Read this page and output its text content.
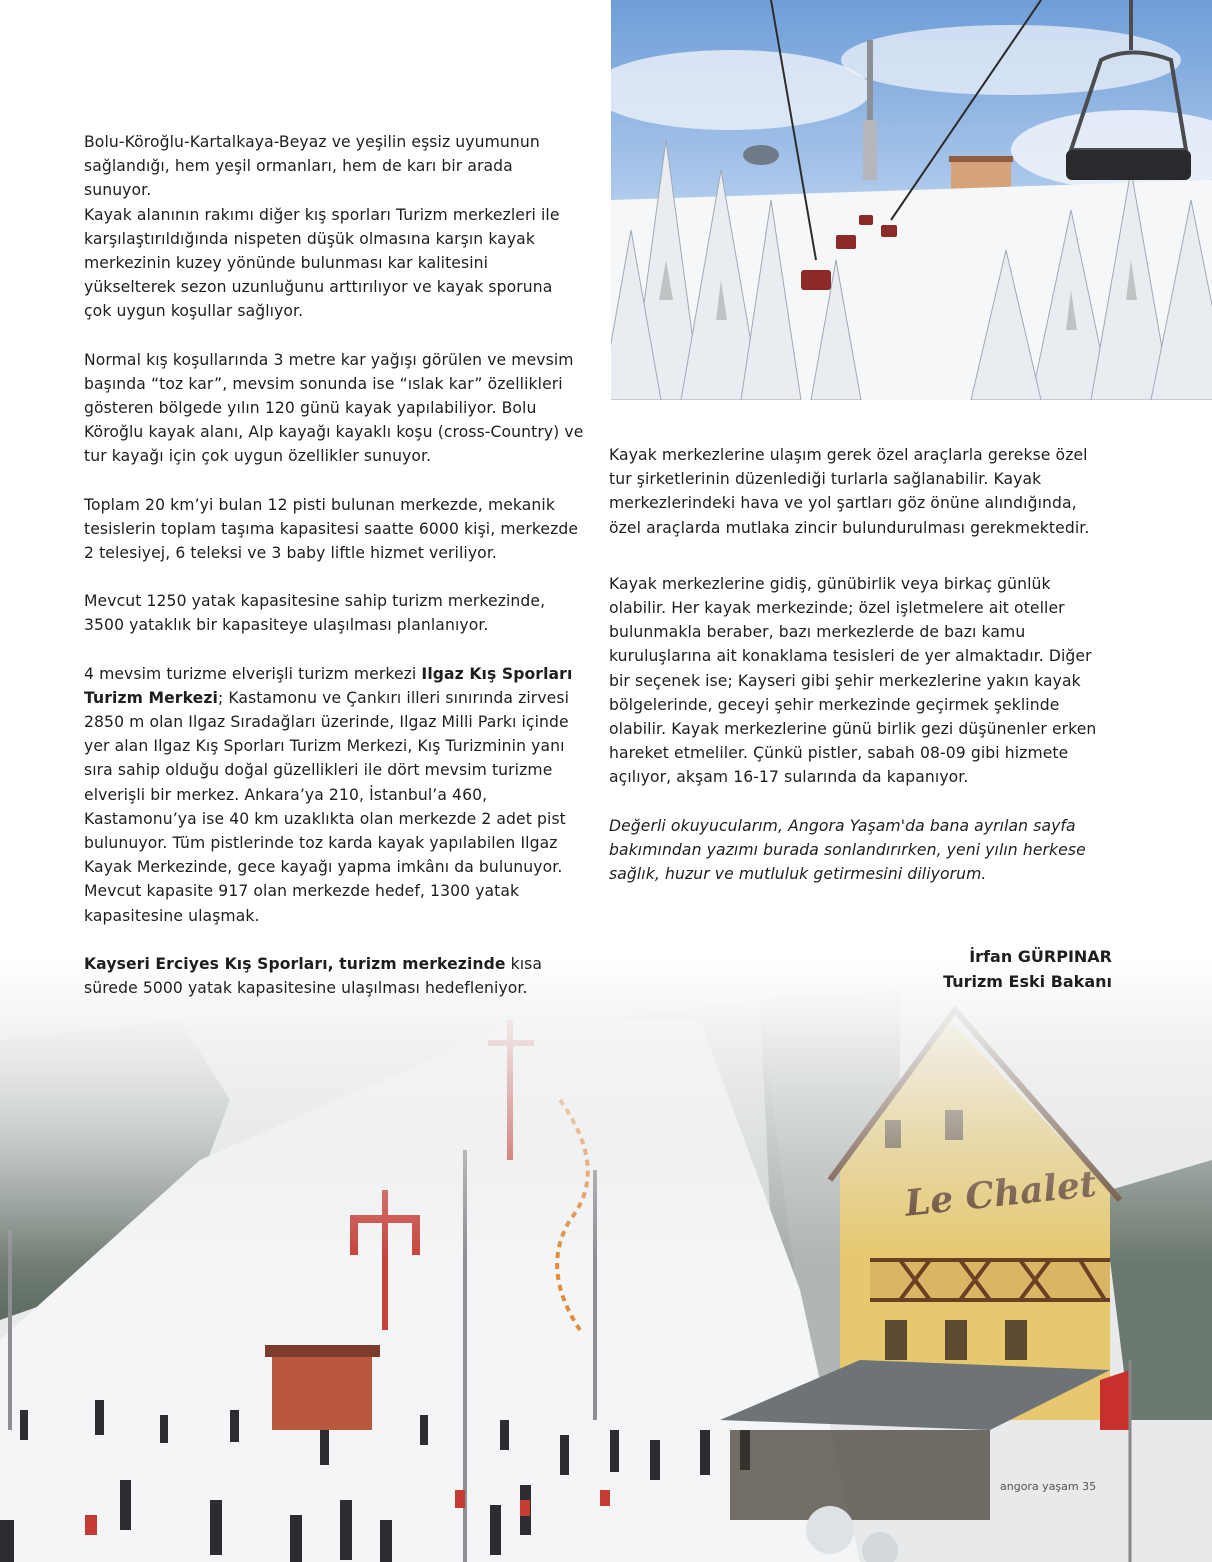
Bolu-Köroğlu-Kartalkaya-Beyaz ve yeşilin eşsiz uyumunun sağlandığı, hem yeşil ormanları, hem de karı bir arada sunuyor.
Kayak alanının rakımı diğer kış sporları Turizm merkezleri ile karşılaştırıldığında nispeten düşük olmasına karşın kayak merkezinin kuzey yönünde bulunması kar kalitesini yükselterek sezon uzunluğunu arttırılıyor ve kayak sporuna çok uygun koşullar sağlıyor.

Normal kış koşullarında 3 metre kar yağışı görülen ve mevsim başında “toz kar”, mevsim sonunda ise “ıslak kar” özellikleri gösteren bölgede yılın 120 günü kayak yapılabiliyor. Bolu Köroğlu kayak alanı, Alp kayağı kayaklı koşu (cross-Country) ve tur kayağı için çok uygun özellikler sunuyor.

Toplam 20 km’yi bulan 12 pisti bulunan merkezde, mekanik tesislerin toplam taşıma kapasitesi saatte 6000 kişi, merkezde 2 telesiyej, 6 teleksi ve 3 baby liftle hizmet veriliyor.

Mevcut 1250 yatak kapasitesine sahip turizm merkezinde, 3500 yataklık bir kapasiteye ulaşılması planlanıyor.

4 mevsim turizme elverişli turizm merkezi Ilgaz Kış Sporları Turizm Merkezi; Kastamonu ve Çankırı illeri sınırında zirvesi 2850 m olan Ilgaz Sıradağları üzerinde, Ilgaz Milli Parkı içinde yer alan Ilgaz Kış Sporları Turizm Merkezi, Kış Turizminin yanı sıra sahip olduğu doğal güzellikleri ile dört mevsim turizme elverişli bir merkez. Ankara’ya 210, İstanbul’a 460, Kastamonu’ya ise 40 km uzaklıkta olan merkezde 2 adet pist bulunuyor. Tüm pistlerinde toz karda kayak yapılabilen Ilgaz Kayak Merkezinde, gece kayağı yapma imkânı da bulunuyor. Mevcut kapasite 917 olan merkezde hedef, 1300 yatak kapasitesine ulaşmak.

Kayseri Erciyes Kış Sporları, turizm merkezinde kısa sürede 5000 yatak kapasitesine ulaşılması hedefleniyor.

Kayak merkezlerine ulaşım gerek özel araçlarla gerekse özel tur şirketlerinin düzenlediği turlarla sağlanabilir. Kayak merkezlerindeki hava ve yol şartları göz önüne alındığında, özel araçlarda mutlaka zincir bulundurulması gerekmektedir.

Kayak merkezlerine gidiş, günübirlik veya birkaç günlük olabilir. Her kayak merkezinde; özel işletmelere ait oteller bulunmakla beraber, bazı merkezlerde de bazı kamu kuruluşlarına ait konaklama tesisleri de yer almaktadır. Diğer bir seçenek ise; Kayseri gibi şehir merkezlerine yakın kayak bölgelerinde, geceyi şehir merkezinde geçirmek şeklinde olabilir. Kayak merkezlerine günü birlik gezi düşünenler erken hareket etmeliler. Çünkü pistler, sabah 08-09 gibi hizmete açılıyor, akşam 16-17 sularında da kapanıyor.

Değerli okuyucularım, Angora Yaşam'da bana ayrılan sayfa bakımından yazımı burada sonlandırırken, yeni yılın herkese sağlık, huzur ve mutluluk getirmesini diliyorum.

İrfan GÜRPINAR
Turizm Eski Bakanı
angora yaşam 35
